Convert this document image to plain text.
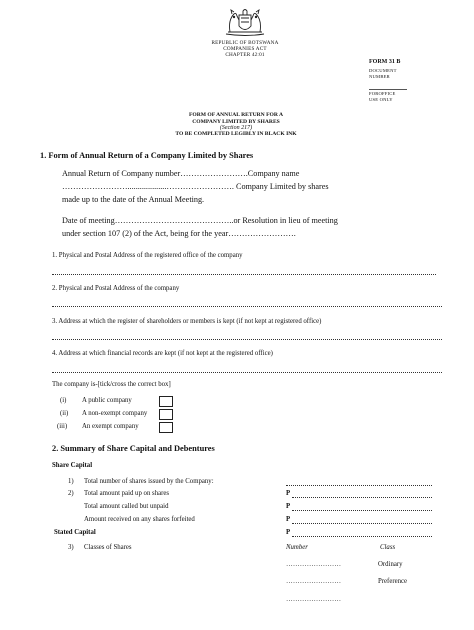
REPUBLIC OF BOTSWANA
COMPANIES ACT
CHAPTER 42:01
FORM 31 B
DOCUMENT
NUMBER
FOROFFICE
USE ONLY
FORM OF ANNUAL RETURN FOR A
COMPANY LIMITED BY SHARES
(Section 217)
TO BE COMPLETED LEGIBLY IN BLACK INK
1. Form of Annual Return of a Company Limited by Shares
Annual Return of Company number…………………….Company name
……………………...................……………………. Company Limited by shares
made up to the date of the Annual Meeting.
Date of meeting……………………………………..or Resolution in lieu of meeting
under section 107 (2) of the Act, being for the year…………………….
1. Physical and Postal Address of the registered office of the company
2. Physical and Postal Address of the company
3. Address at which the register of shareholders or members is kept (if not kept at registered office)
4. Address at which financial records are kept (if not kept at the registered office)
The company is-[tick/cross the correct box]
(i) A public company
(ii) A non-exempt company
(iii) An exempt company
2. Summary of Share Capital and Debentures
Share Capital
1) Total number of shares issued by the Company:
2) Total amount paid up on shares	P
Total amount called but unpaid	P
Amount received on any shares forfeited	P
Stated Capital	P
3) Classes of Shares	Number	Class
……………………	Ordinary
……………………	Preference
……………………
